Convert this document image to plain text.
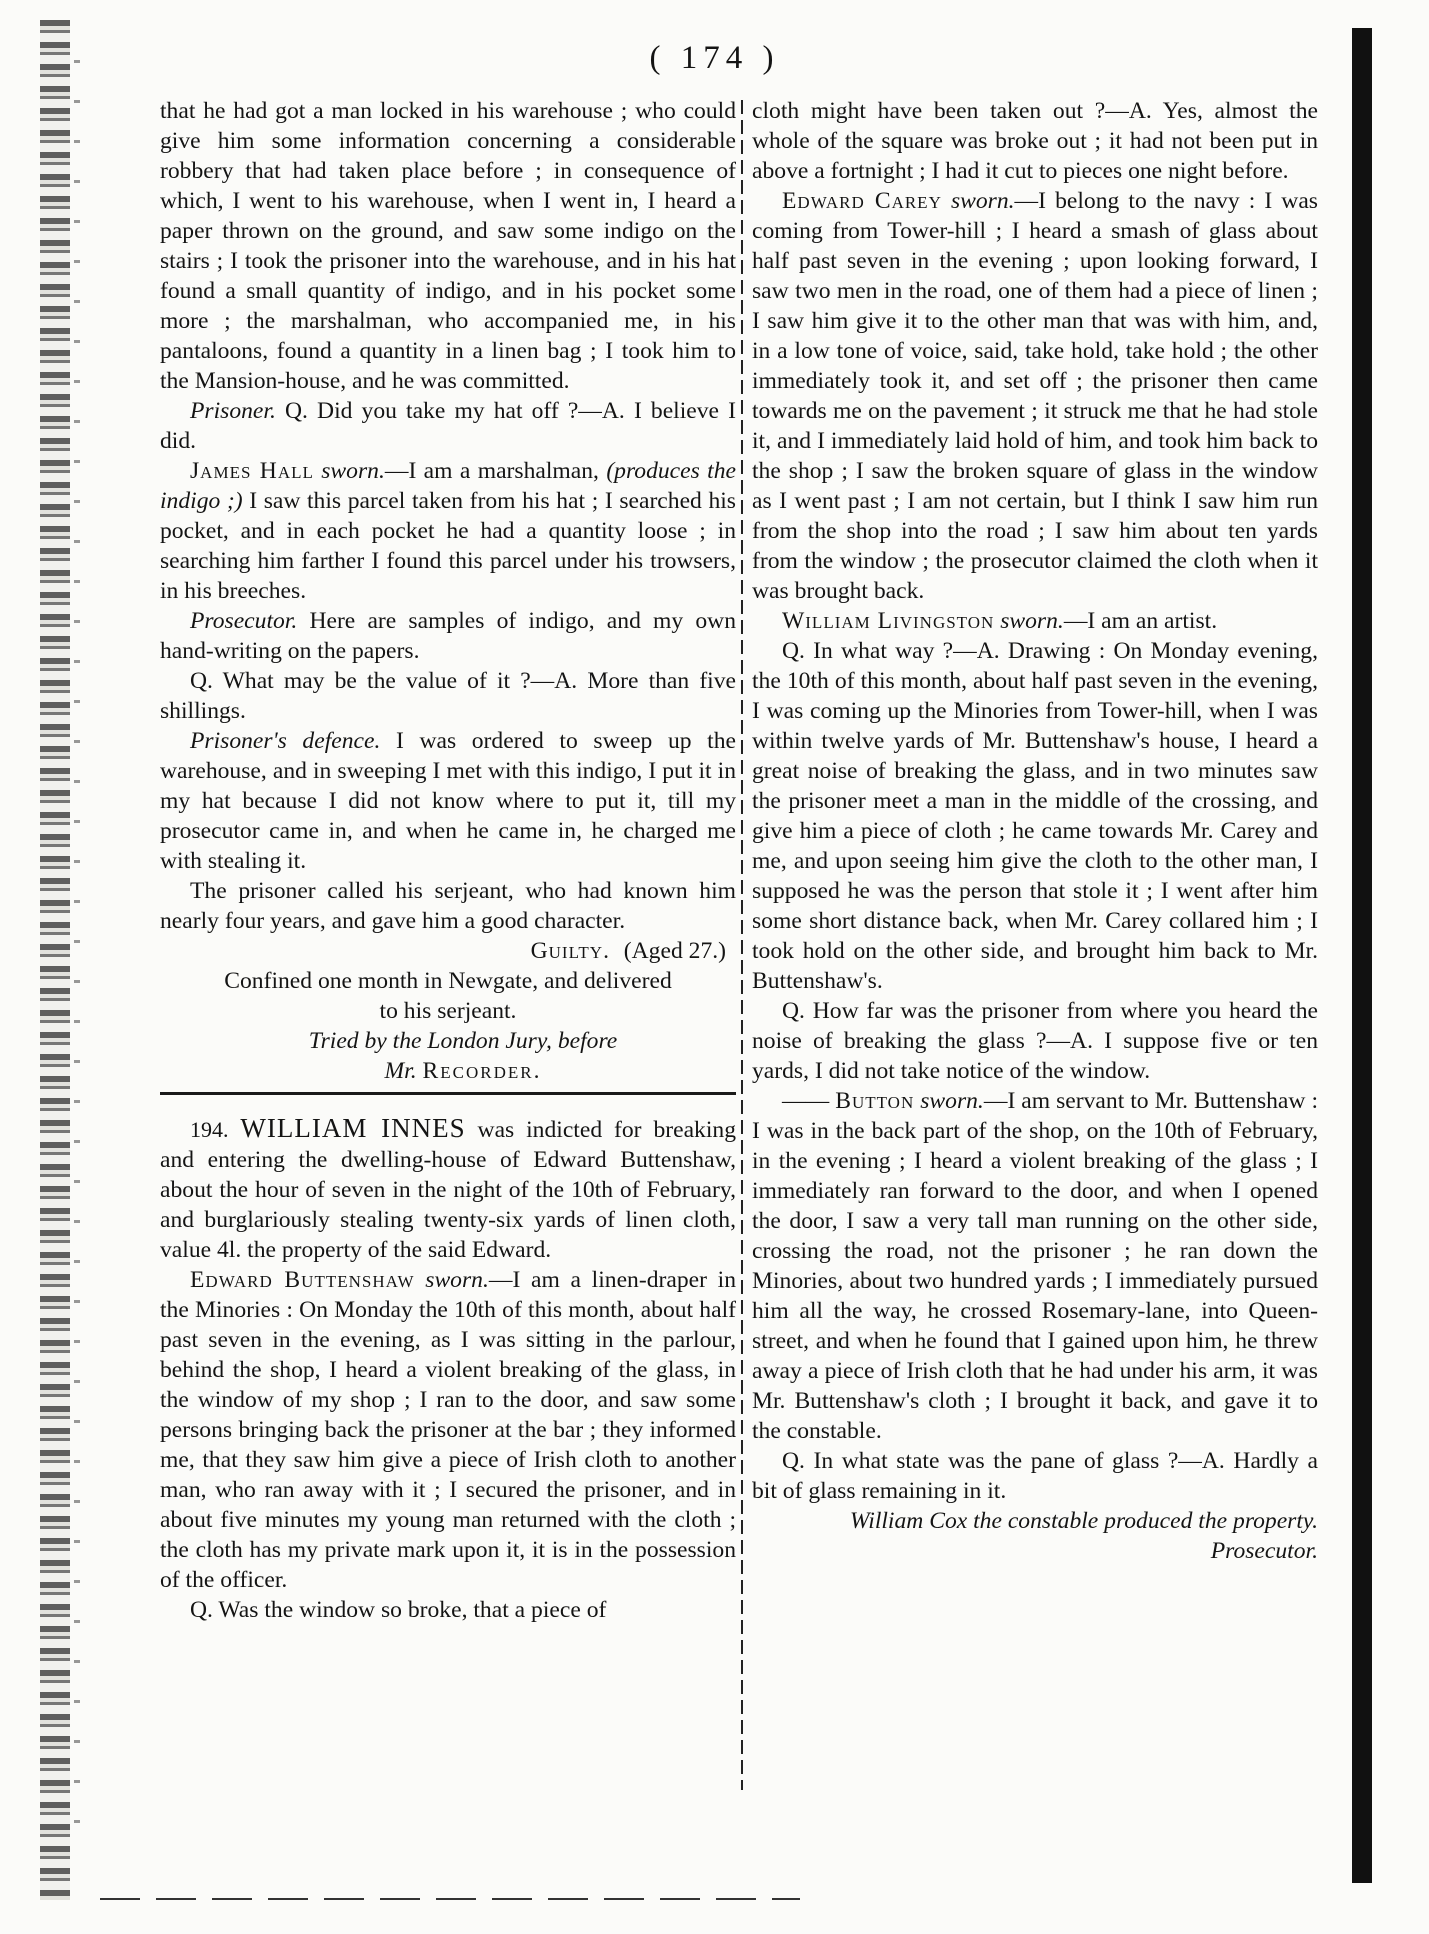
( 174 )

that he had got a man locked in his warehouse ; who could give him some information concerning a considerable robbery that had taken place before ; in consequence of which, I went to his warehouse, when I went in, I heard a paper thrown on the ground, and saw some indigo on the stairs ; I took the prisoner into the warehouse, and in his hat found a small quantity of indigo, and in his pocket some more ; the marshalman, who accompanied me, in his pantaloons, found a quantity in a linen bag ; I took him to the Mansion-house, and he was committed.

Prisoner. Q. Did you take my hat off ?—A. I believe I did.

James Hall sworn.—I am a marshalman, (produces the indigo ;) I saw this parcel taken from his hat ; I searched his pocket, and in each pocket he had a quantity loose ; in searching him farther I found this parcel under his trowsers, in his breeches.

Prosecutor. Here are samples of indigo, and my own hand-writing on the papers.

Q. What may be the value of it ?—A. More than five shillings.

Prisoner's defence. I was ordered to sweep up the warehouse, and in sweeping I met with this indigo, I put it in my hat because I did not know where to put it, till my prosecutor came in, and when he came in, he charged me with stealing it.

The prisoner called his serjeant, who had known him nearly four years, and gave him a good character.

Guilty. (Aged 27.)

Confined one month in Newgate, and delivered

to his serjeant.

Tried by the London Jury, before

Mr. Recorder.

194. WILLIAM INNES was indicted for breaking and entering the dwelling-house of Edward Buttenshaw, about the hour of seven in the night of the 10th of February, and burglariously stealing twenty-six yards of linen cloth, value 4l. the property of the said Edward.

Edward Buttenshaw sworn.—I am a linen-draper in the Minories : On Monday the 10th of this month, about half past seven in the evening, as I was sitting in the parlour, behind the shop, I heard a violent breaking of the glass, in the window of my shop ; I ran to the door, and saw some persons bringing back the prisoner at the bar ; they informed me, that they saw him give a piece of Irish cloth to another man, who ran away with it ; I secured the prisoner, and in about five minutes my young man returned with the cloth ; the cloth has my private mark upon it, it is in the possession of the officer.

Q. Was the window so broke, that a piece of

cloth might have been taken out ?—A. Yes, almost the whole of the square was broke out ; it had not been put in above a fortnight ; I had it cut to pieces one night before.

Edward Carey sworn.—I belong to the navy : I was coming from Tower-hill ; I heard a smash of glass about half past seven in the evening ; upon looking forward, I saw two men in the road, one of them had a piece of linen ; I saw him give it to the other man that was with him, and, in a low tone of voice, said, take hold, take hold ; the other immediately took it, and set off ; the prisoner then came towards me on the pavement ; it struck me that he had stole it, and I immediately laid hold of him, and took him back to the shop ; I saw the broken square of glass in the window as I went past ; I am not certain, but I think I saw him run from the shop into the road ; I saw him about ten yards from the window ; the prosecutor claimed the cloth when it was brought back.

William Livingston sworn.—I am an artist.

Q. In what way ?—A. Drawing : On Monday evening, the 10th of this month, about half past seven in the evening, I was coming up the Minories from Tower-hill, when I was within twelve yards of Mr. Buttenshaw's house, I heard a great noise of breaking the glass, and in two minutes saw the prisoner meet a man in the middle of the crossing, and give him a piece of cloth ; he came towards Mr. Carey and me, and upon seeing him give the cloth to the other man, I supposed he was the person that stole it ; I went after him some short distance back, when Mr. Carey collared him ; I took hold on the other side, and brought him back to Mr. Buttenshaw's.

Q. How far was the prisoner from where you heard the noise of breaking the glass ?—A. I suppose five or ten yards, I did not take notice of the window.

—— Button sworn.—I am servant to Mr. Buttenshaw : I was in the back part of the shop, on the 10th of February, in the evening ; I heard a violent breaking of the glass ; I immediately ran forward to the door, and when I opened the door, I saw a very tall man running on the other side, crossing the road, not the prisoner ; he ran down the Minories, about two hundred yards ; I immediately pursued him all the way, he crossed Rosemary-lane, into Queen-street, and when he found that I gained upon him, he threw away a piece of Irish cloth that he had under his arm, it was Mr. Buttenshaw's cloth ; I brought it back, and gave it to the constable.

Q. In what state was the pane of glass ?—A. Hardly a bit of glass remaining in it.

William Cox the constable produced the property.

Prosecutor.
